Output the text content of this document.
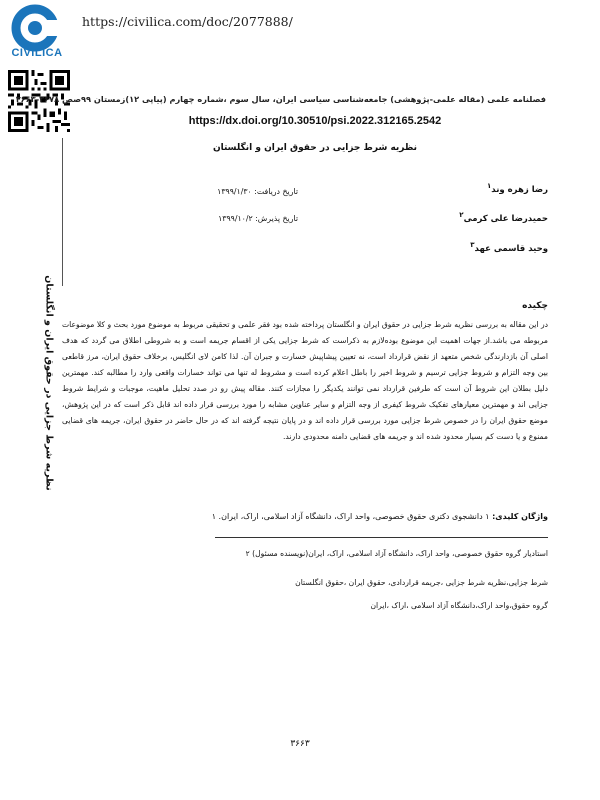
CIVILICA
https://civilica.com/doc/2077888/
نظریه شرط جزایی در حقوق ایران و انگلستان
فصلنامه علمی (مقاله علمی-پژوهشی) جامعه‌شناسی سیاسی ایران، سال سوم ،شماره چهارم (پیاپی ۱۲)زمستان ۹۹صص ۳۶۷۸-۳۶۶۳
https://dx.doi.org/10.30510/psi.2022.312165.2542
نظریه شرط جزایی در حقوق ایران و انگلستان
رضا زهره وند$^۱$
حمیدرضا علی کرمی$^۲$
وحید قاسمی عهد$^۳$
تاریخ دریافت: ۱۳۹۹/۱/۳۰
تاریخ پذیرش: ۱۳۹۹/۱۰/۲
چکیده
در این مقاله به بررسی نظریه شرط جزایی در حقوق ایران و انگلستان پرداخته شده بود فقر علمی و تحقیقی مربوط به موضوع مورد بحث و کلا موضوعات مربوطه می باشد.از جهات اهمیت این موضوع بوده‌لازم به ذکراست که شرط جزایی یکی از اقسام جریمه است و به شروطی اطلاق می گردد که هدف اصلی آن بازدارندگی شخص متعهد از نقض قرارداد است، نه تعیین پیشاپیش خسارت و جبران آن. لذا کامن لای انگلیس، برخلاف حقوق ایران، مرز قاطعی بین وجه التزام و شروط جزایی ترسیم و شروط اخیر را باطل اعلام کرده است و مشروط له تنها می تواند خسارات واقعی وارد را مطالبه کند. مهمترین دلیل بطلان این شروط آن است که طرفین قرارداد نمی توانند یکدیگر را مجازات کنند. مقاله پیش رو در صدد تحلیل ماهیت، موجبات و شرایط شروط جزایی اند و مهمترین معیارهای تفکیک شروط کیفری از وجه التزام و سایر عناوین مشابه را مورد بررسی قرار داده اند قابل ذکر است که در این پژوهش، موضع حقوق ایران را در خصوص شرط جزایی مورد بررسی قرار داده اند و در پایان نتیجه گرفته اند که در حال حاضر در حقوق ایران، جریمه های قضایی ممنوع و یا دست کم بسیار محدود شده اند و جریمه های قضایی دامنه محدودی دارند.
واژگان کلیدی: ۱ دانشجوی دکتری حقوق خصوصی، واحد اراک، دانشگاه آزاد اسلامی، اراک، ایران. ۱
استادیار گروه حقوق خصوصی، واحد اراک، دانشگاه آزاد اسلامی، اراک، ایران(نویسنده مسئول) ۲
شرط جزایی،نظریه شرط جزایی ،جریمه قراردادی، حقوق ایران ،حقوق انگلستان
گروه حقوق،واحد اراک،دانشگاه آزاد اسلامی ،اراک ،ایران
۳۶۶۳
